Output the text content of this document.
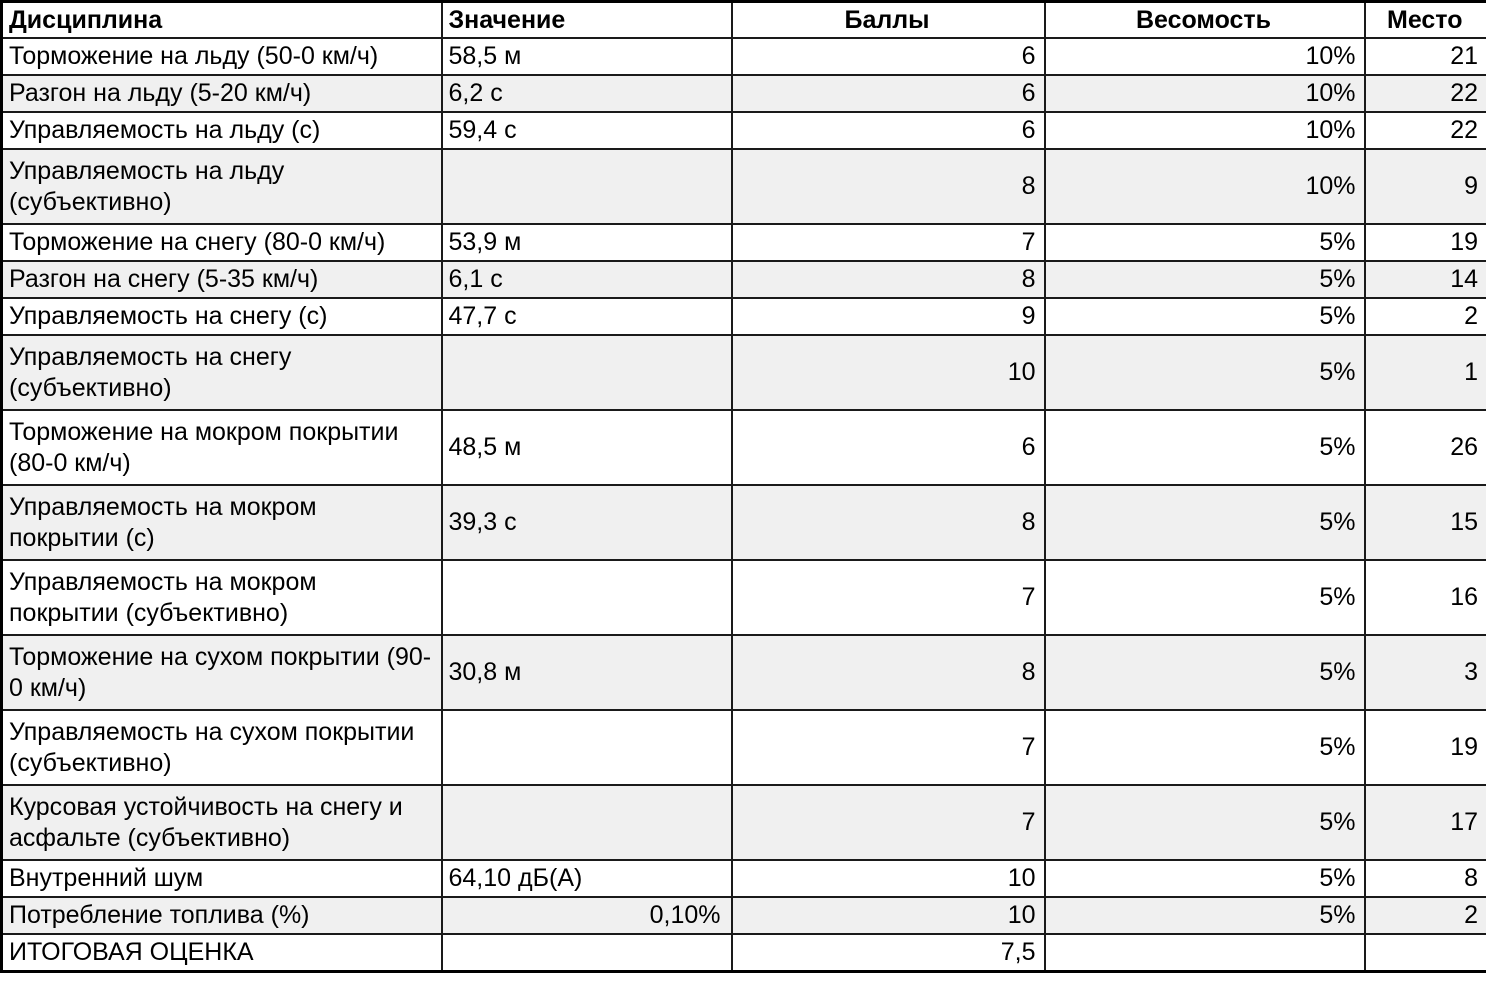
Дисциплина	Значение	Баллы	Весомость	Место
Торможение на льду (50-0 км/ч)	58,5 м	6	10%	21
Разгон на льду (5-20 км/ч)	6,2 с	6	10%	22
Управляемость на льду (с)	59,4 с	6	10%	22
Управляемость на льду (субъективно)		8	10%	9
Торможение на снегу (80-0 км/ч)	53,9 м	7	5%	19
Разгон на снегу (5-35 км/ч)	6,1 с	8	5%	14
Управляемость на снегу (с)	47,7 с	9	5%	2
Управляемость на снегу (субъективно)		10	5%	1
Торможение на мокром покрытии (80-0 км/ч)	48,5 м	6	5%	26
Управляемость на мокром покрытии (с)	39,3 с	8	5%	15
Управляемость на мокром покрытии (субъективно)		7	5%	16
Торможение на сухом покрытии (90-0 км/ч)	30,8 м	8	5%	3
Управляемость на сухом покрытии (субъективно)		7	5%	19
Курсовая устойчивость на снегу и асфальте (субъективно)		7	5%	17
Внутренний шум	64,10 дБ(А)	10	5%	8
Потребление топлива (%)	0,10%	10	5%	2
ИТОГОВАЯ ОЦЕНКА		7,5		
